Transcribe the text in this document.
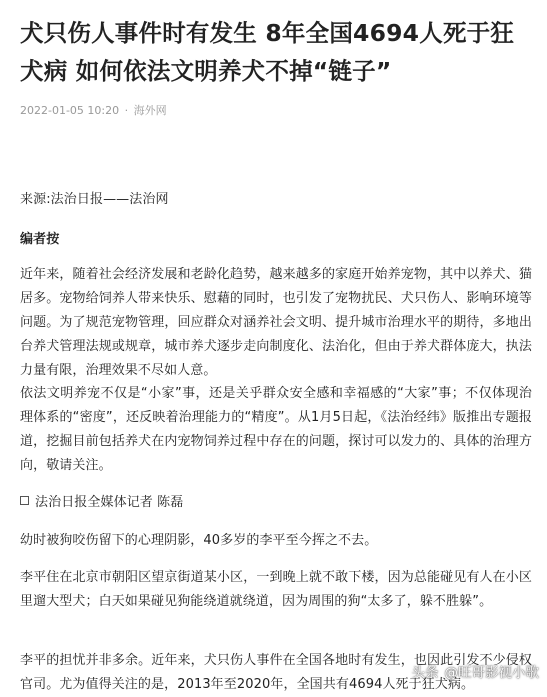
犬只伤人事件时有发生 8年全国4694人死于狂犬病 如何依法文明养犬不掉“链子”
2022-01-05 10:20 · 海外网

来源:法治日报——法治网

编者按

近年来，随着社会经济发展和老龄化趋势，越来越多的家庭开始养宠物，其中以养犬、猫居多。宠物给饲养人带来快乐、慰藉的同时，也引发了宠物扰民、犬只伤人、影响环境等问题。为了规范宠物管理，回应群众对涵养社会文明、提升城市治理水平的期待，多地出台养犬管理法规或规章，城市养犬逐步走向制度化、法治化，但由于养犬群体庞大，执法力量有限，治理效果不尽如人意。

依法文明养宠不仅是“小家”事，还是关乎群众安全感和幸福感的“大家”事；不仅体现治理体系的“密度”，还反映着治理能力的“精度”。从1月5日起，《法治经纬》版推出专题报道，挖掘目前包括养犬在内宠物饲养过程中存在的问题，探讨可以发力的、具体的治理方向，敬请关注。

法治日报全媒体记者 陈磊

幼时被狗咬伤留下的心理阴影，40多岁的李平至今挥之不去。

李平住在北京市朝阳区望京街道某小区，一到晚上就不敢下楼，因为总能碰见有人在小区里遛大型犬；白天如果碰见狗能绕道就绕道，因为周围的狗“太多了，躲不胜躲”。

李平的担忧并非多余。近年来，犬只伤人事件在全国各地时有发生，也因此引发不少侵权官司。尤为值得关注的是，2013年至2020年，全国共有4694人死于狂犬病。

头条 @旺哥影视小歌
